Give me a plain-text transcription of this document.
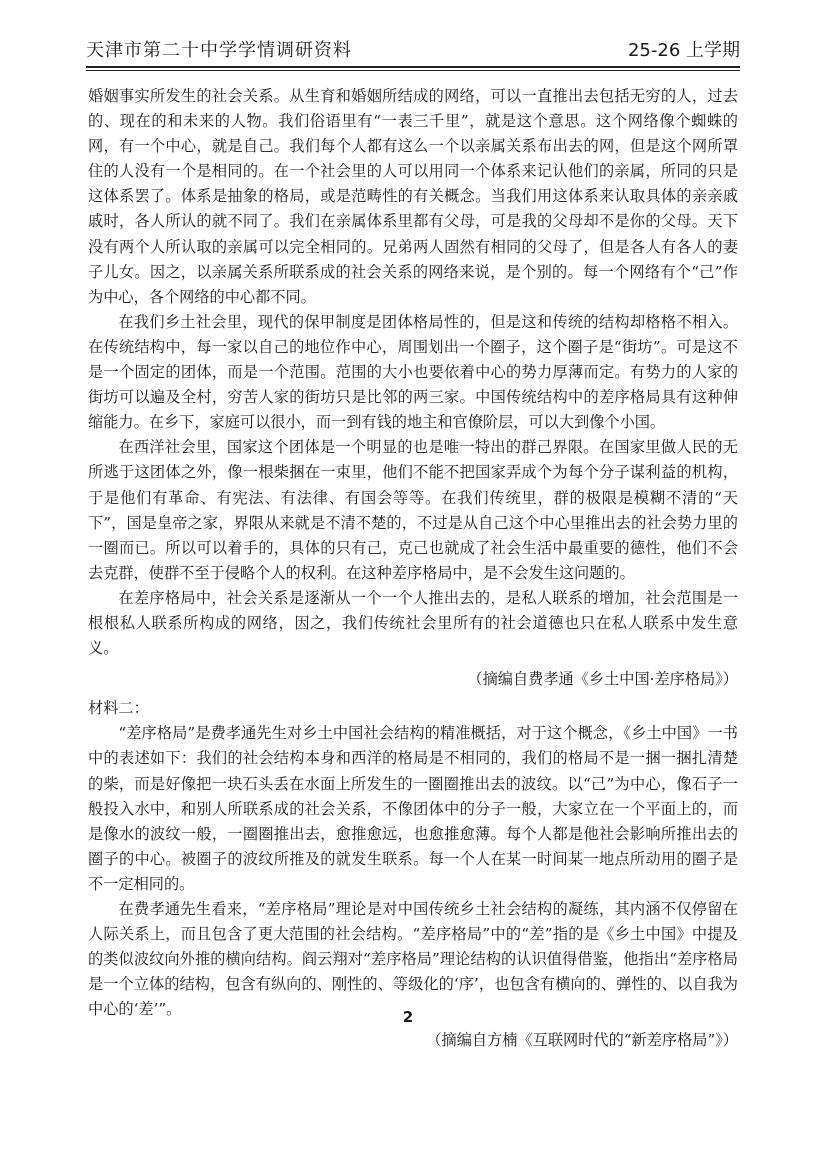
天津市第二十中学学情调研资料	25-26 上学期

婚姻事实所发生的社会关系。从生育和婚姻所结成的网络，可以一直推出去包括无穷的人，过去的、现在的和未来的人物。我们俗语里有“一表三千里”，就是这个意思。这个网络像个蜘蛛的网，有一个中心，就是自己。我们每个人都有这么一个以亲属关系布出去的网，但是这个网所罩住的人没有一个是相同的。在一个社会里的人可以用同一个体系来记认他们的亲属，所同的只是这体系罢了。体系是抽象的格局，或是范畴性的有关概念。当我们用这体系来认取具体的亲亲戚戚时，各人所认的就不同了。我们在亲属体系里都有父母，可是我的父母却不是你的父母。天下没有两个人所认取的亲属可以完全相同的。兄弟两人固然有相同的父母了，但是各人有各人的妻子儿女。因之，以亲属关系所联系成的社会关系的网络来说，是个别的。每一个网络有个“己”作为中心，各个网络的中心都不同。

在我们乡土社会里，现代的保甲制度是团体格局性的，但是这和传统的结构却格格不相入。在传统结构中，每一家以自己的地位作中心，周围划出一个圈子，这个圈子是“街坊”。可是这不是一个固定的团体，而是一个范围。范围的大小也要依着中心的势力厚薄而定。有势力的人家的街坊可以遍及全村，穷苦人家的街坊只是比邻的两三家。中国传统结构中的差序格局具有这种伸缩能力。在乡下，家庭可以很小，而一到有钱的地主和官僚阶层，可以大到像个小国。

在西洋社会里，国家这个团体是一个明显的也是唯一特出的群己界限。在国家里做人民的无所逃于这团体之外，像一根柴捆在一束里，他们不能不把国家弄成个为每个分子谋利益的机构，于是他们有革命、有宪法、有法律、有国会等等。在我们传统里，群的极限是模糊不清的“天下”，国是皇帝之家，界限从来就是不清不楚的，不过是从自己这个中心里推出去的社会势力里的一圈而已。所以可以着手的，具体的只有己，克己也就成了社会生活中最重要的德性，他们不会去克群，使群不至于侵略个人的权利。在这种差序格局中，是不会发生这问题的。

在差序格局中，社会关系是逐渐从一个一个人推出去的，是私人联系的增加，社会范围是一根根私人联系所构成的网络，因之，我们传统社会里所有的社会道德也只在私人联系中发生意义。

（摘编自费孝通《乡土中国·差序格局》）

材料二：

“差序格局”是费孝通先生对乡土中国社会结构的精准概括，对于这个概念，《乡土中国》一书中的表述如下：我们的社会结构本身和西洋的格局是不相同的，我们的格局不是一捆一捆扎清楚的柴，而是好像把一块石头丢在水面上所发生的一圈圈推出去的波纹。以“己”为中心，像石子一般投入水中，和别人所联系成的社会关系，不像团体中的分子一般，大家立在一个平面上的，而是像水的波纹一般，一圈圈推出去，愈推愈远，也愈推愈薄。每个人都是他社会影响所推出去的圈子的中心。被圈子的波纹所推及的就发生联系。每一个人在某一时间某一地点所动用的圈子是不一定相同的。

在费孝通先生看来，“差序格局”理论是对中国传统乡土社会结构的凝练，其内涵不仅停留在人际关系上，而且包含了更大范围的社会结构。“差序格局”中的“差”指的是《乡土中国》中提及的类似波纹向外推的横向结构。阎云翔对“差序格局”理论结构的认识值得借鉴，他指出“差序格局是一个立体的结构，包含有纵向的、刚性的、等级化的‘序’，也包含有横向的、弹性的、以自我为中心的‘差’”。

（摘编自方楠《互联网时代的“新差序格局”》）

2
